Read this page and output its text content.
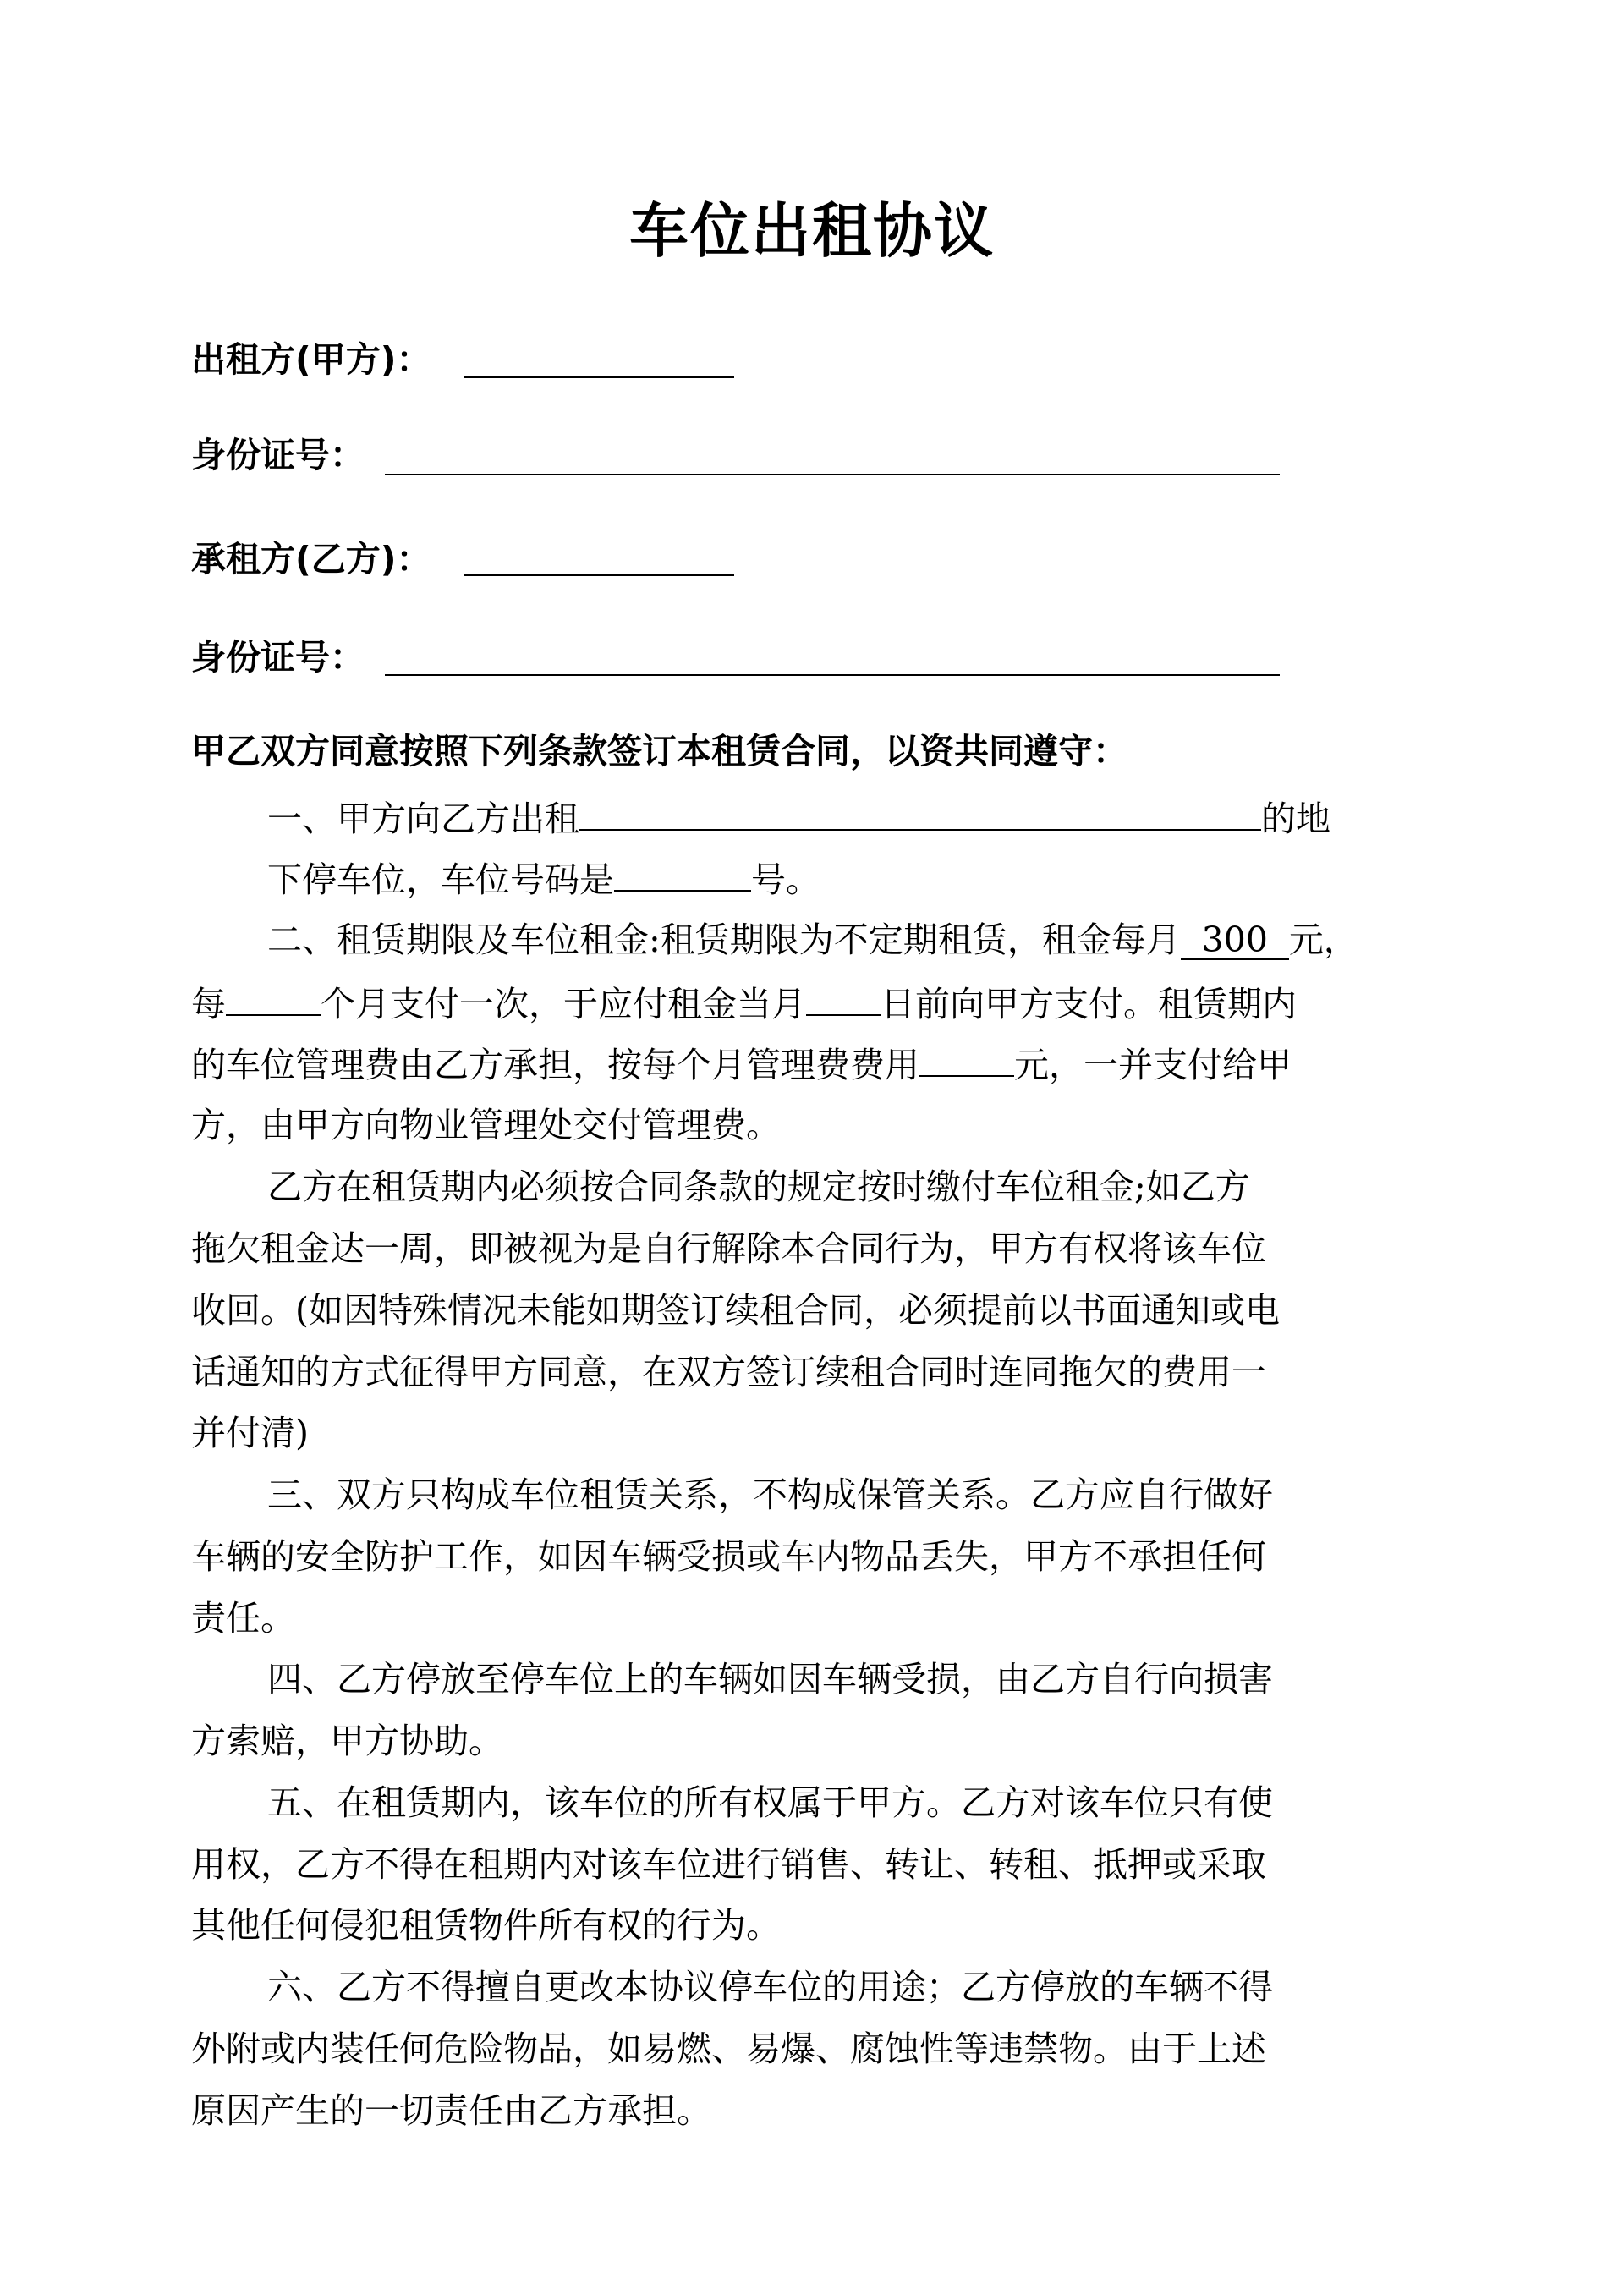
车位出租协议
出租方(甲方)：
身份证号：
承租方(乙方)：
身份证号：
甲乙双方同意按照下列条款签订本租赁合同，以资共同遵守：
一、甲方向乙方出租	的地
下停车位，车位号码是	号。
二、租赁期限及车位租金:租赁期限为不定期租赁，租金每月 300 元，
每	个月支付一次，于应付租金当月 日前向甲方支付。租赁期内
的车位管理费由乙方承担，按每个月管理费费用	元，一并支付给甲
方，由甲方向物业管理处交付管理费。
乙方在租赁期内必须按合同条款的规定按时缴付车位租金;如乙方
拖欠租金达一周，即被视为是自行解除本合同行为，甲方有权将该车位
收回。(如因特殊情况未能如期签订续租合同，必须提前以书面通知或电
话通知的方式征得甲方同意，在双方签订续租合同时连同拖欠的费用一
并付清)
三、双方只构成车位租赁关系，不构成保管关系。乙方应自行做好
车辆的安全防护工作，如因车辆受损或车内物品丢失，甲方不承担任何
责任。
四、乙方停放至停车位上的车辆如因车辆受损，由乙方自行向损害
方索赔，甲方协助。
五、在租赁期内，该车位的所有权属于甲方。乙方对该车位只有使
用权，乙方不得在租期内对该车位进行销售、转让、转租、抵押或采取
其他任何侵犯租赁物件所有权的行为。
六、乙方不得擅自更改本协议停车位的用途；乙方停放的车辆不得
外附或内装任何危险物品，如易燃、易爆、腐蚀性等违禁物。由于上述
原因产生的一切责任由乙方承担。
